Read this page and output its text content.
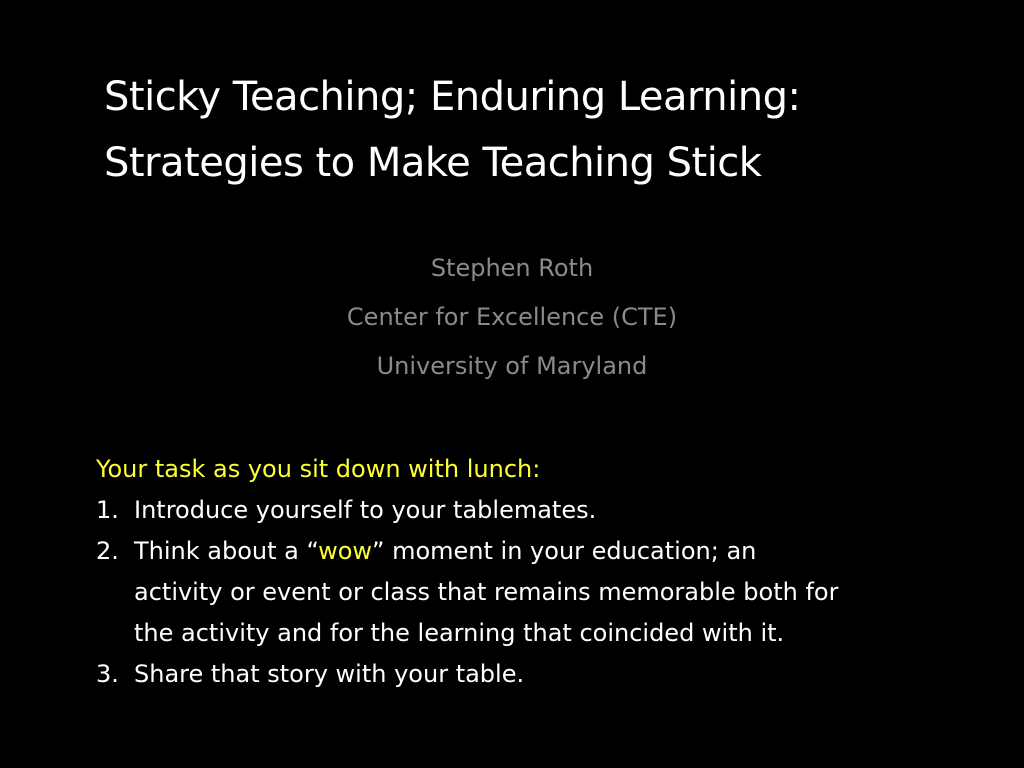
Sticky Teaching; Enduring Learning:
Strategies to Make Teaching Stick
Stephen Roth
Center for Excellence (CTE)
University of Maryland
Your task as you sit down with lunch:
1. Introduce yourself to your tablemates.
2. Think about a “wow” moment in your education; an
activity or event or class that remains memorable both for
the activity and for the learning that coincided with it.
3. Share that story with your table.
